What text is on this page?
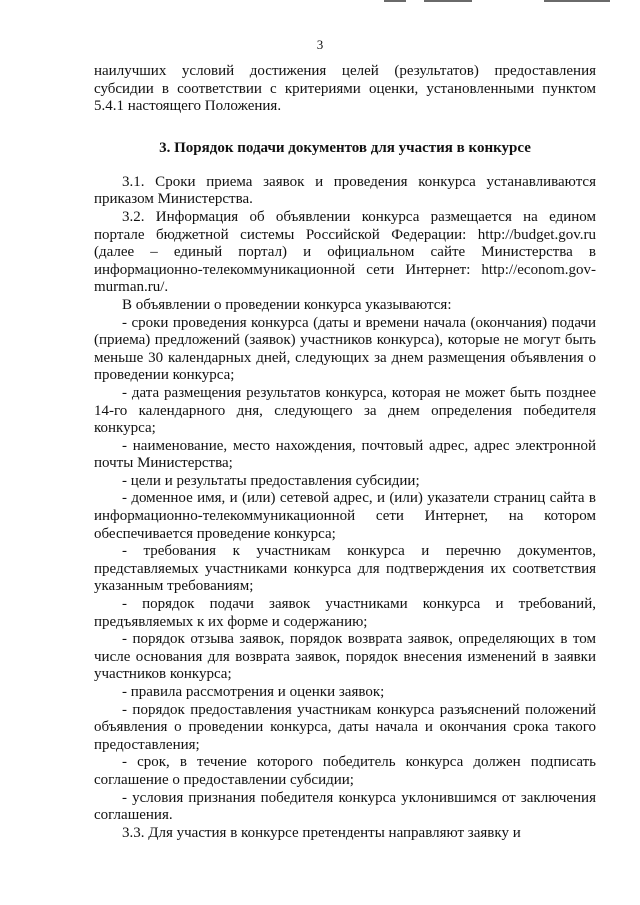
3

наилучших условий достижения целей (результатов) предоставления субсидии в соответствии с критериями оценки, установленными пунктом 5.4.1 настоящего Положения.

3. Порядок подачи документов для участия в конкурсе

3.1. Сроки приема заявок и проведения конкурса устанавливаются приказом Министерства.

3.2. Информация об объявлении конкурса размещается на едином портале бюджетной системы Российской Федерации: http://budget.gov.ru (далее – единый портал) и официальном сайте Министерства в информационно-телекоммуникационной сети Интернет: http://econom.gov-murman.ru/.

В объявлении о проведении конкурса указываются:

- сроки проведения конкурса (даты и времени начала (окончания) подачи (приема) предложений (заявок) участников конкурса), которые не могут быть меньше 30 календарных дней, следующих за днем размещения объявления о проведении конкурса;

- дата размещения результатов конкурса, которая не может быть позднее 14-го календарного дня, следующего за днем определения победителя конкурса;

- наименование, место нахождения, почтовый адрес, адрес электронной почты Министерства;

- цели и результаты предоставления субсидии;

- доменное имя, и (или) сетевой адрес, и (или) указатели страниц сайта в информационно-телекоммуникационной сети Интернет, на котором обеспечивается проведение конкурса;

- требования к участникам конкурса и перечню документов, представляемых участниками конкурса для подтверждения их соответствия указанным требованиям;

- порядок подачи заявок участниками конкурса и требований, предъявляемых к их форме и содержанию;

- порядок отзыва заявок, порядок возврата заявок, определяющих в том числе основания для возврата заявок, порядок внесения изменений в заявки участников конкурса;

- правила рассмотрения и оценки заявок;

- порядок предоставления участникам конкурса разъяснений положений объявления о проведении конкурса, даты начала и окончания срока такого предоставления;

- срок, в течение которого победитель конкурса должен подписать соглашение о предоставлении субсидии;

- условия признания победителя конкурса уклонившимся от заключения соглашения.

3.3. Для участия в конкурсе претенденты направляют заявку и
